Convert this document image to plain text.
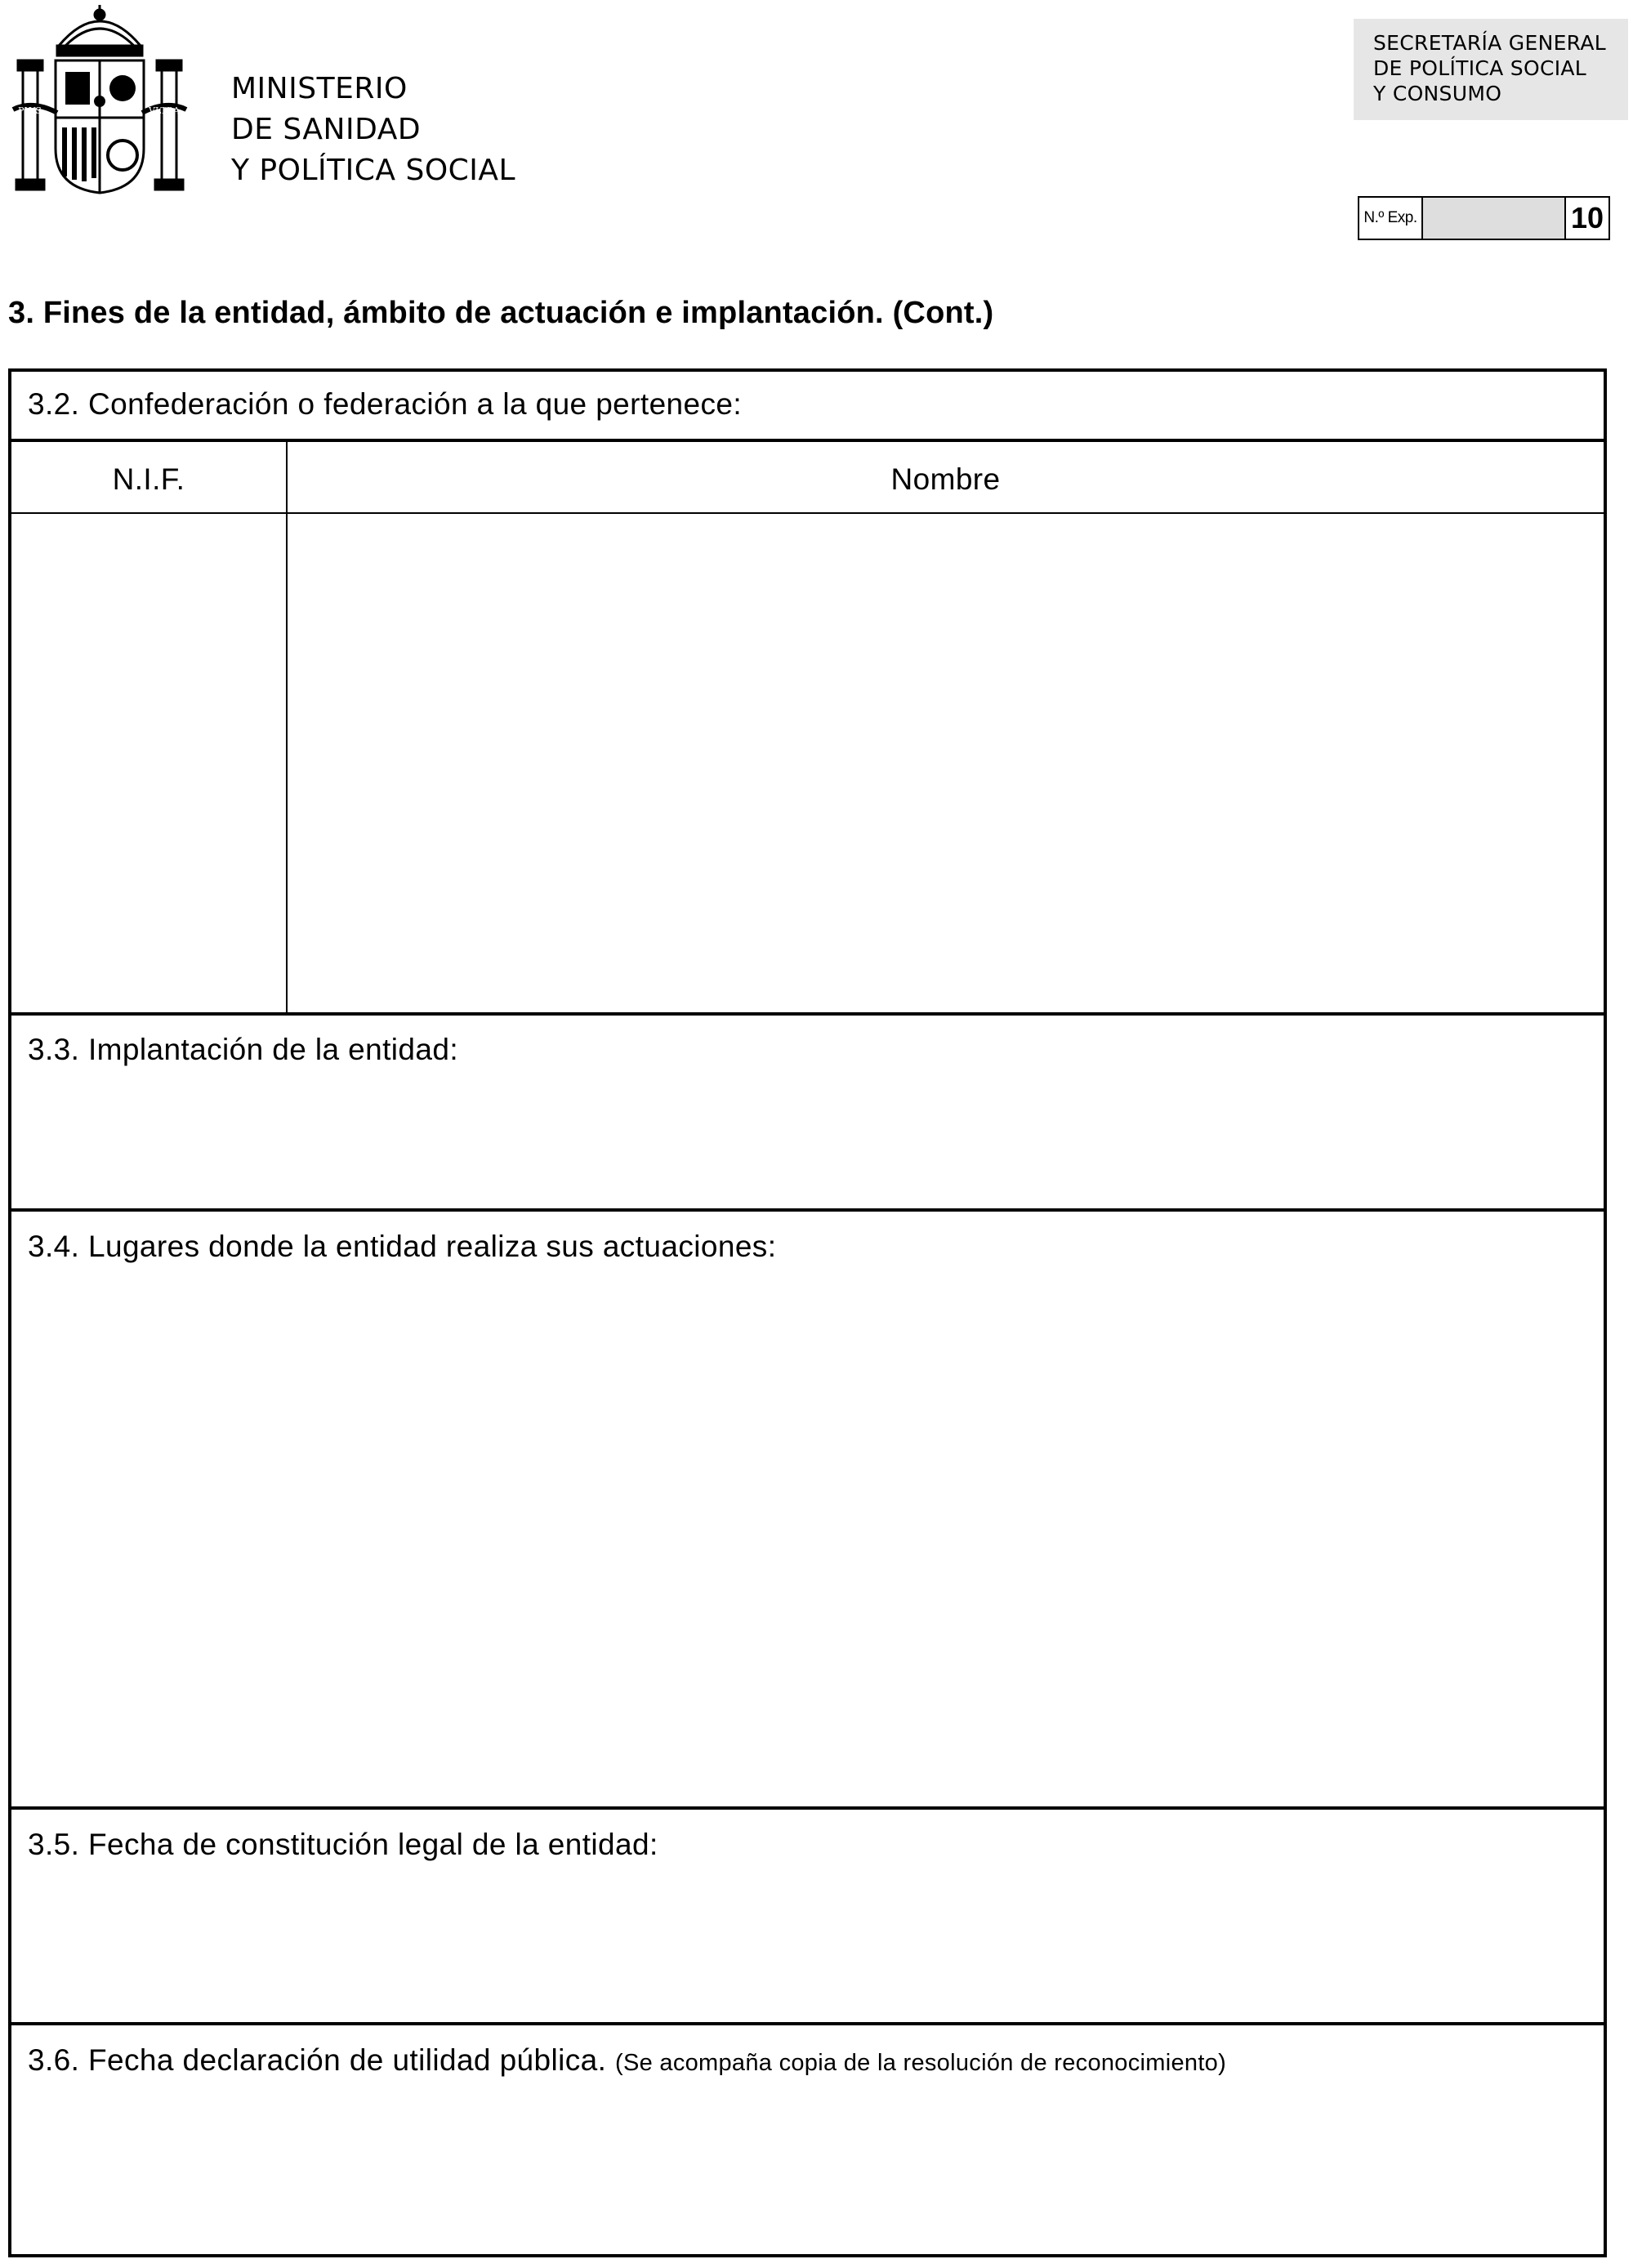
PLVS	VLTRA
MINISTERIO
DE SANIDAD
Y POLÍTICA SOCIAL
SECRETARÍA GENERAL
DE POLÍTICA SOCIAL
Y CONSUMO
N.º Exp.	10
3. Fines de la entidad, ámbito de actuación e implantación. (Cont.)
3.2. Confederación o federación a la que pertenece:
N.I.F.	Nombre
3.3. Implantación de la entidad:
3.4. Lugares donde la entidad realiza sus actuaciones:
3.5. Fecha de constitución legal de la entidad:
3.6. Fecha declaración de utilidad pública. (Se acompaña copia de la resolución de reconocimiento)
